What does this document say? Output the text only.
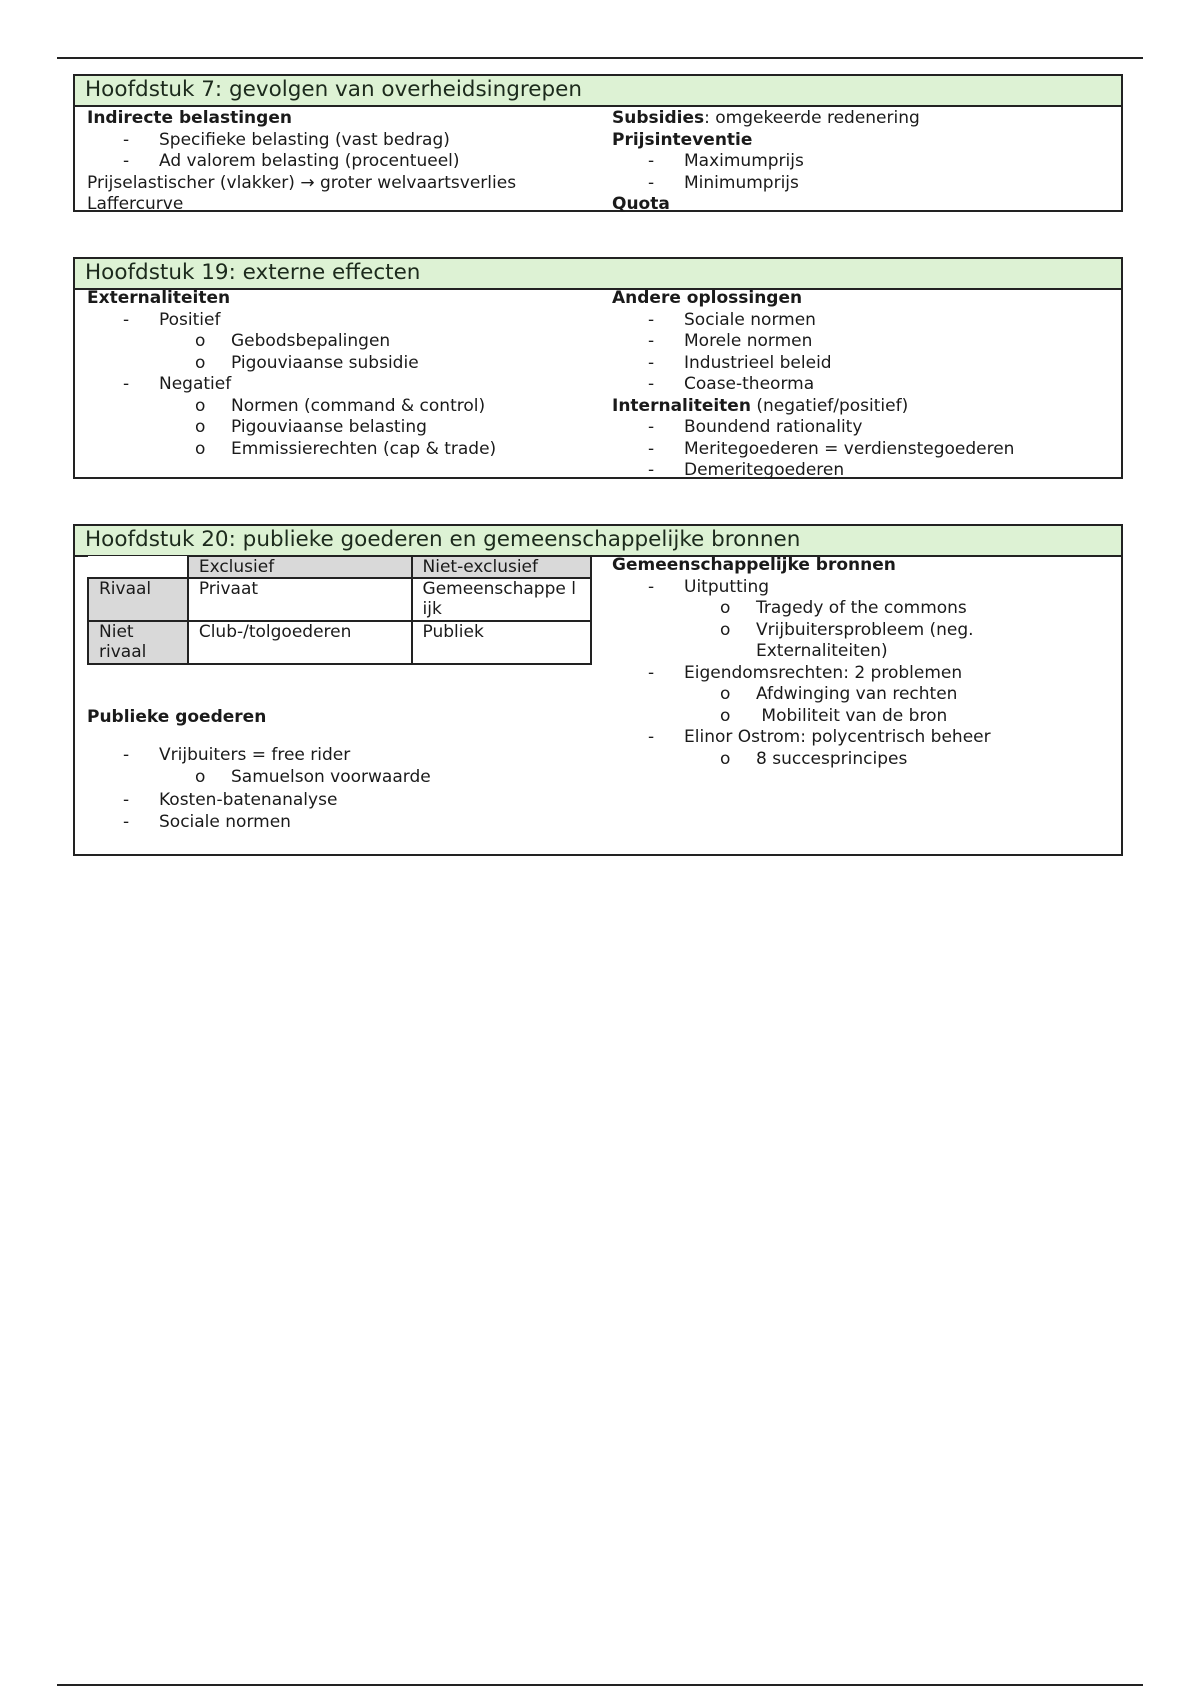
Hoofdstuk 7: gevolgen van overheidsingrepen
Indirecte belastingen
- Specifieke belasting (vast bedrag)
- Ad valorem belasting (procentueel)
Prijselastischer (vlakker) → groter welvaartsverlies
Laffercurve
Subsidies: omgekeerde redenering
Prijsinteventie
- Maximumprijs
- Minimumprijs
Quota
Hoofdstuk 19: externe effecten
Externaliteiten
- Positief
o Gebodsbepalingen
o Pigouviaanse subsidie
- Negatief
o Normen (command & control)
o Pigouviaanse belasting
o Emmissierechten (cap & trade)
Andere oplossingen
- Sociale normen
- Morele normen
- Industrieel beleid
- Coase-theorma
Internaliteiten (negatief/positief)
- Boundend rationality
- Meritegoederen = verdienstegoederen
- Demeritegoederen
Hoofdstuk 20: publieke goederen en gemeenschappelijke bronnen
	Exclusief	Niet-exclusief
Rivaal	Privaat	Gemeenschappe lijk
Niet rivaal	Club-/tolgoederen	Publiek
Publieke goederen
- Vrijbuiters = free rider
o Samuelson voorwaarde
- Kosten-batenanalyse
- Sociale normen
Gemeenschappelijke bronnen
- Uitputting
o Tragedy of the commons
o Vrijbuitersprobleem (neg.
Externaliteiten)
- Eigendomsrechten: 2 problemen
o Afdwinging van rechten
o  Mobiliteit van de bron
- Elinor Ostrom: polycentrisch beheer
o 8 succesprincipes
